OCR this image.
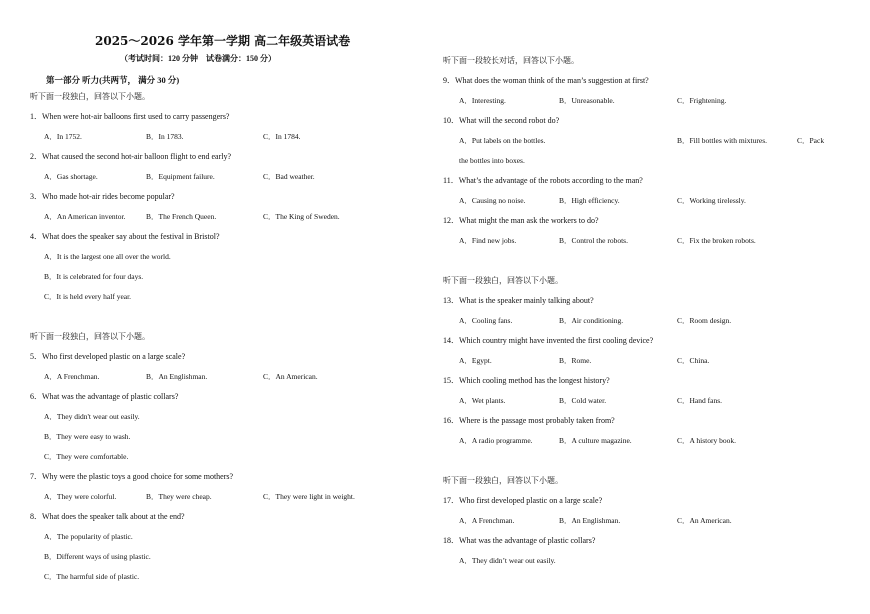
2025～2026 学年第一学期 高二年级英语试卷
（考试时间：120 分钟　试卷满分：150 分）
第一部分 听力(共两节， 满分 30 分)
听下面一段独白，回答以下小题。
1．When were hot-air balloons first used to carry passengers?
A．In 1752.	B．In 1783.	C．In 1784.
2．What caused the second hot-air balloon flight to end early?
A．Gas shortage.	B．Equipment failure.	C．Bad weather.
3．Who made hot-air rides become popular?
A．An American inventor.	B．The French Queen.	C．The King of Sweden.
4．What does the speaker say about the festival in Bristol?
A．It is the largest one all over the world.
B．It is celebrated for four days.
C．It is held every half year.
听下面一段独白，回答以下小题。
5．Who first developed plastic on a large scale?
A．A Frenchman.	B．An Englishman.	C．An American.
6．What was the advantage of plastic collars?
A．They didn't wear out easily.
B．They were easy to wash.
C．They were comfortable.
7．Why were the plastic toys a good choice for some mothers?
A．They were colorful.	B．They were cheap.	C．They were light in weight.
8．What does the speaker talk about at the end?
A．The popularity of plastic.
B．Different ways of using plastic.
C．The harmful side of plastic.
听下面一段较长对话，回答以下小题。
9．What does the woman think of the man’s suggestion at first?
A．Interesting.	B．Unreasonable.	C．Frightening.
10．What will the second robot do?
A．Put labels on the bottles.	B．Fill bottles with mixtures.	C．Pack
the bottles into boxes.
11．What’s the advantage of the robots according to the man?
A．Causing no noise.	B．High efficiency.	C．Working tirelessly.
12．What might the man ask the workers to do?
A．Find new jobs.	B．Control the robots.	C．Fix the broken robots.
听下面一段独白，回答以下小题。
13．What is the speaker mainly talking about?
A．Cooling fans.	B．Air conditioning.	C．Room design.
14．Which country might have invented the first cooling device?
A．Egypt.	B．Rome.	C．China.
15．Which cooling method has the longest history?
A．Wet plants.	B．Cold water.	C．Hand fans.
16．Where is the passage most probably taken from?
A．A radio programme.	B．A culture magazine.	C．A history book.
听下面一段独白，回答以下小题。
17．Who first developed plastic on a large scale?
A．A Frenchman.	B．An Englishman.	C．An American.
18．What was the advantage of plastic collars?
A．They didn’t wear out easily.
